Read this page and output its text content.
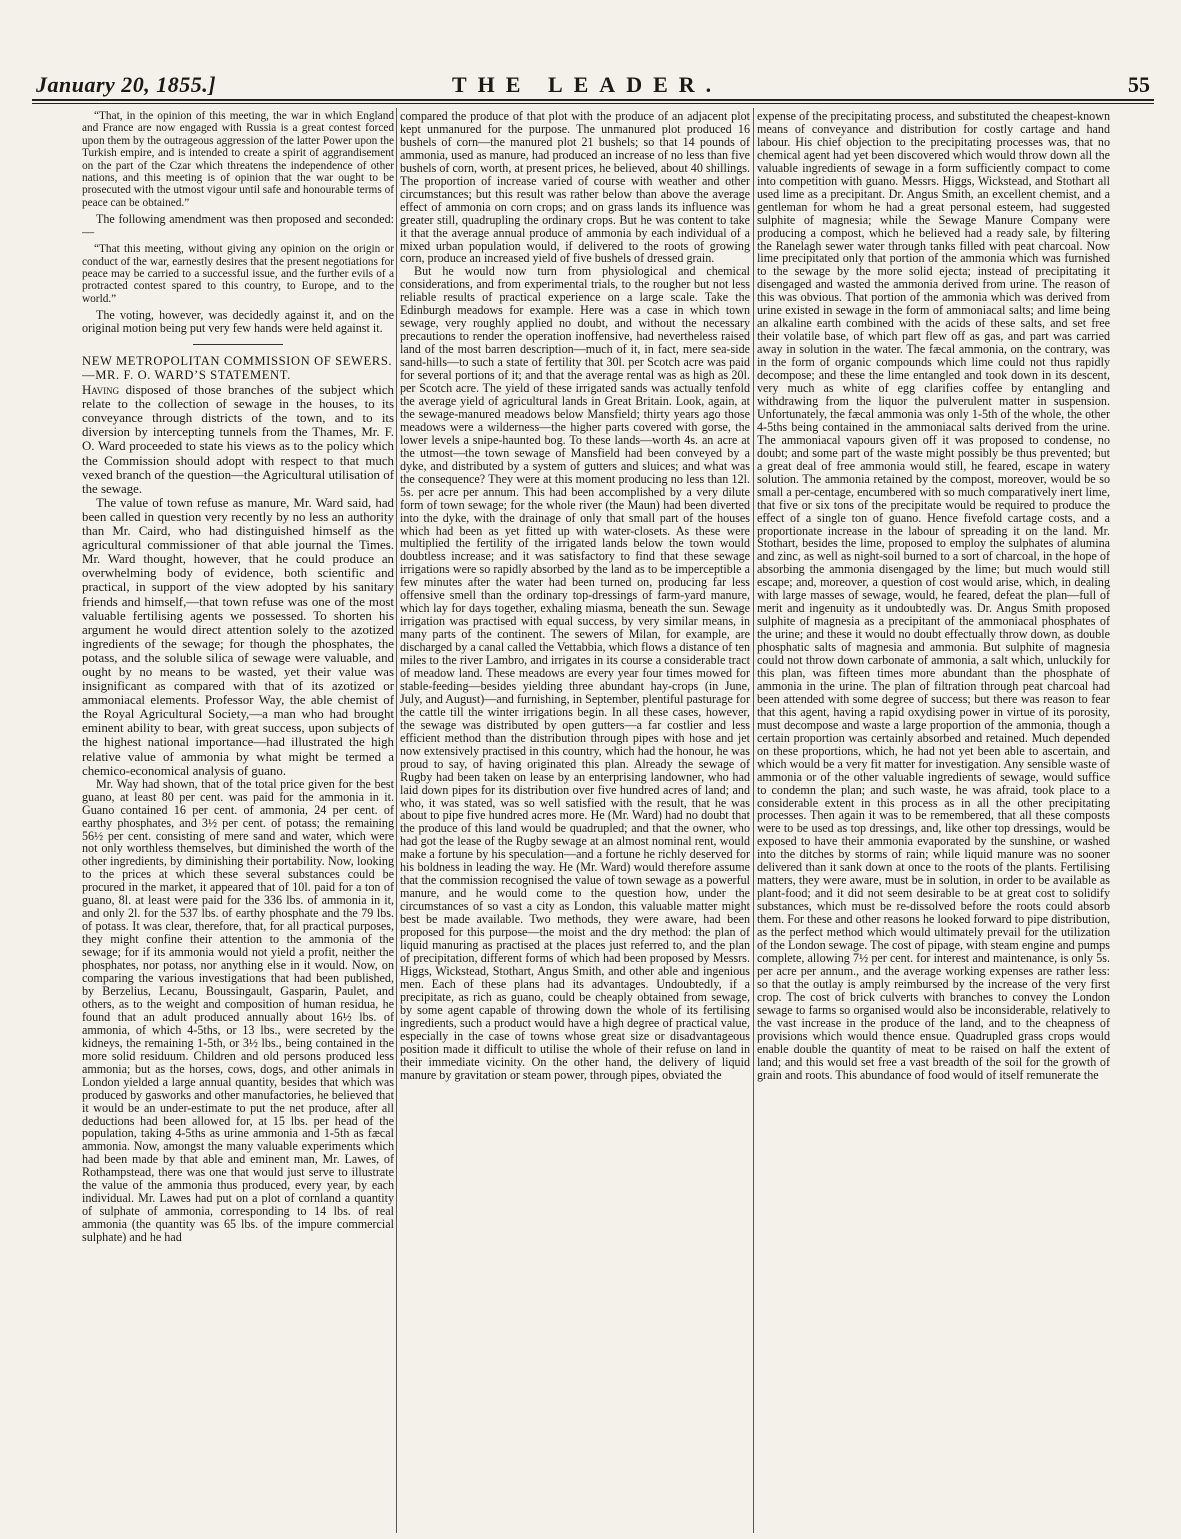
January 20, 1855.]	THE LEADER.	55

“That, in the opinion of this meeting, the war in which England and France are now engaged with Russia is a great contest forced upon them by the outrageous aggression of the latter Power upon the Turkish empire, and is intended to create a spirit of aggrandisement on the part of the Czar which threatens the independence of other nations, and this meeting is of opinion that the war ought to be prosecuted with the utmost vigour until safe and honourable terms of peace can be obtained.”

The following amendment was then proposed and seconded:—

“That this meeting, without giving any opinion on the origin or conduct of the war, earnestly desires that the present negotiations for peace may be carried to a successful issue, and the further evils of a protracted contest spared to this country, to Europe, and to the world.”

The voting, however, was decidedly against it, and on the original motion being put very few hands were held against it.

NEW METROPOLITAN COMMISSION OF SEWERS.—MR. F. O. WARD’S STATEMENT.

Having disposed of those branches of the subject which relate to the collection of sewage in the houses, to its conveyance through districts of the town, and to its diversion by intercepting tunnels from the Thames, Mr. F. O. Ward proceeded to state his views as to the policy which the Commission should adopt with respect to that much vexed branch of the question—the Agricultural utilisation of the sewage.

The value of town refuse as manure, Mr. Ward said, had been called in question very recently by no less an authority than Mr. Caird, who had distinguished himself as the agricultural commissioner of that able journal the Times. Mr. Ward thought, however, that he could produce an overwhelming body of evidence, both scientific and practical, in support of the view adopted by his sanitary friends and himself,—that town refuse was one of the most valuable fertilising agents we possessed. To shorten his argument he would direct attention solely to the azotized ingredients of the sewage; for though the phosphates, the potass, and the soluble silica of sewage were valuable, and ought by no means to be wasted, yet their value was insignificant as compared with that of its azotized or ammoniacal elements. Professor Way, the able chemist of the Royal Agricultural Society,—a man who had brought eminent ability to bear, with great success, upon subjects of the highest national importance—had illustrated the high relative value of ammonia by what might be termed a chemico-economical analysis of guano.

Mr. Way had shown, that of the total price given for the best guano, at least 80 per cent. was paid for the ammonia in it. Guano contained 16 per cent. of ammonia, 24 per cent. of earthy phosphates, and 3½ per cent. of potass; the remaining 56½ per cent. consisting of mere sand and water, which were not only worthless themselves, but diminished the worth of the other ingredients, by diminishing their portability. Now, looking to the prices at which these several substances could be procured in the market, it appeared that of 10l. paid for a ton of guano, 8l. at least were paid for the 336 lbs. of ammonia in it, and only 2l. for the 537 lbs. of earthy phosphate and the 79 lbs. of potass. It was clear, therefore, that, for all practical purposes, they might confine their attention to the ammonia of the sewage; for if its ammonia would not yield a profit, neither the phosphates, nor potass, nor anything else in it would. Now, on comparing the various investigations that had been published, by Berzelius, Lecanu, Boussingault, Gasparin, Paulet, and others, as to the weight and composition of human residua, he found that an adult produced annually about 16½ lbs. of ammonia, of which 4-5ths, or 13 lbs., were secreted by the kidneys, the remaining 1-5th, or 3½ lbs., being contained in the more solid residuum. Children and old persons produced less ammonia; but as the horses, cows, dogs, and other animals in London yielded a large annual quantity, besides that which was produced by gasworks and other manufactories, he believed that it would be an under-estimate to put the net produce, after all deductions had been allowed for, at 15 lbs. per head of the population, taking 4-5ths as urine ammonia and 1-5th as fæcal ammonia. Now, amongst the many valuable experiments which had been made by that able and eminent man, Mr. Lawes, of Rothampstead, there was one that would just serve to illustrate the value of the ammonia thus produced, every year, by each individual. Mr. Lawes had put on a plot of cornland a quantity of sulphate of ammonia, corresponding to 14 lbs. of real ammonia (the quantity was 65 lbs. of the impure commercial sulphate) and he had

compared the produce of that plot with the produce of an adjacent plot kept unmanured for the purpose. The unmanured plot produced 16 bushels of corn—the manured plot 21 bushels; so that 14 pounds of ammonia, used as manure, had produced an increase of no less than five bushels of corn, worth, at present prices, he believed, about 40 shillings. The proportion of increase varied of course with weather and other circumstances; but this result was rather below than above the average effect of ammonia on corn crops; and on grass lands its influence was greater still, quadrupling the ordinary crops. But he was content to take it that the average annual produce of ammonia by each individual of a mixed urban population would, if delivered to the roots of growing corn, produce an increased yield of five bushels of dressed grain.

But he would now turn from physiological and chemical considerations, and from experimental trials, to the rougher but not less reliable results of practical experience on a large scale. Take the Edinburgh meadows for example. Here was a case in which town sewage, very roughly applied no doubt, and without the necessary precautions to render the operation inoffensive, had nevertheless raised land of the most barren description—much of it, in fact, mere sea-side sand-hills—to such a state of fertility that 30l. per Scotch acre was paid for several portions of it; and that the average rental was as high as 20l. per Scotch acre. The yield of these irrigated sands was actually tenfold the average yield of agricultural lands in Great Britain. Look, again, at the sewage-manured meadows below Mansfield; thirty years ago those meadows were a wilderness—the higher parts covered with gorse, the lower levels a snipe-haunted bog. To these lands—worth 4s. an acre at the utmost—the town sewage of Mansfield had been conveyed by a dyke, and distributed by a system of gutters and sluices; and what was the consequence? They were at this moment producing no less than 12l. 5s. per acre per annum. This had been accomplished by a very dilute form of town sewage; for the whole river (the Maun) had been diverted into the dyke, with the drainage of only that small part of the houses which had been as yet fitted up with water-closets. As these were multiplied the fertility of the irrigated lands below the town would doubtless increase; and it was satisfactory to find that these sewage irrigations were so rapidly absorbed by the land as to be imperceptible a few minutes after the water had been turned on, producing far less offensive smell than the ordinary top-dressings of farm-yard manure, which lay for days together, exhaling miasma, beneath the sun. Sewage irrigation was practised with equal success, by very similar means, in many parts of the continent. The sewers of Milan, for example, are discharged by a canal called the Vettabbia, which flows a distance of ten miles to the river Lambro, and irrigates in its course a considerable tract of meadow land. These meadows are every year four times mowed for stable-feeding—besides yielding three abundant hay-crops (in June, July, and August)—and furnishing, in September, plentiful pasturage for the cattle till the winter irrigations begin. In all these cases, however, the sewage was distributed by open gutters—a far costlier and less efficient method than the distribution through pipes with hose and jet now extensively practised in this country, which had the honour, he was proud to say, of having originated this plan. Already the sewage of Rugby had been taken on lease by an enterprising landowner, who had laid down pipes for its distribution over five hundred acres of land; and who, it was stated, was so well satisfied with the result, that he was about to pipe five hundred acres more. He (Mr. Ward) had no doubt that the produce of this land would be quadrupled; and that the owner, who had got the lease of the Rugby sewage at an almost nominal rent, would make a fortune by his speculation—and a fortune he richly deserved for his boldness in leading the way. He (Mr. Ward) would therefore assume that the commission recognised the value of town sewage as a powerful manure, and he would come to the question how, under the circumstances of so vast a city as London, this valuable matter might best be made available. Two methods, they were aware, had been proposed for this purpose—the moist and the dry method: the plan of liquid manuring as practised at the places just referred to, and the plan of precipitation, different forms of which had been proposed by Messrs. Higgs, Wickstead, Stothart, Angus Smith, and other able and ingenious men. Each of these plans had its advantages. Undoubtedly, if a precipitate, as rich as guano, could be cheaply obtained from sewage, by some agent capable of throwing down the whole of its fertilising ingredients, such a product would have a high degree of practical value, especially in the case of towns whose great size or disadvantageous position made it difficult to utilise the whole of their refuse on land in their immediate vicinity. On the other hand, the delivery of liquid manure by gravitation or steam power, through pipes, obviated the

expense of the precipitating process, and substituted the cheapest-known means of conveyance and distribution for costly cartage and hand labour. His chief objection to the precipitating processes was, that no chemical agent had yet been discovered which would throw down all the valuable ingredients of sewage in a form sufficiently compact to come into competition with guano. Messrs. Higgs, Wickstead, and Stothart all used lime as a precipitant. Dr. Angus Smith, an excellent chemist, and a gentleman for whom he had a great personal esteem, had suggested sulphite of magnesia; while the Sewage Manure Company were producing a compost, which he believed had a ready sale, by filtering the Ranelagh sewer water through tanks filled with peat charcoal. Now lime precipitated only that portion of the ammonia which was furnished to the sewage by the more solid ejecta; instead of precipitating it disengaged and wasted the ammonia derived from urine. The reason of this was obvious. That portion of the ammonia which was derived from urine existed in sewage in the form of ammoniacal salts; and lime being an alkaline earth combined with the acids of these salts, and set free their volatile base, of which part flew off as gas, and part was carried away in solution in the water. The fæcal ammonia, on the contrary, was in the form of organic compounds which lime could not thus rapidly decompose; and these the lime entangled and took down in its descent, very much as white of egg clarifies coffee by entangling and withdrawing from the liquor the pulverulent matter in suspension. Unfortunately, the fæcal ammonia was only 1-5th of the whole, the other 4-5ths being contained in the ammoniacal salts derived from the urine. The ammoniacal vapours given off it was proposed to condense, no doubt; and some part of the waste might possibly be thus prevented; but a great deal of free ammonia would still, he feared, escape in watery solution. The ammonia retained by the compost, moreover, would be so small a per-centage, encumbered with so much comparatively inert lime, that five or six tons of the precipitate would be required to produce the effect of a single ton of guano. Hence fivefold cartage costs, and a proportionate increase in the labour of spreading it on the land. Mr. Stothart, besides the lime, proposed to employ the sulphates of alumina and zinc, as well as night-soil burned to a sort of charcoal, in the hope of absorbing the ammonia disengaged by the lime; but much would still escape; and, moreover, a question of cost would arise, which, in dealing with large masses of sewage, would, he feared, defeat the plan—full of merit and ingenuity as it undoubtedly was. Dr. Angus Smith proposed sulphite of magnesia as a precipitant of the ammoniacal phosphates of the urine; and these it would no doubt effectually throw down, as double phosphatic salts of magnesia and ammonia. But sulphite of magnesia could not throw down carbonate of ammonia, a salt which, unluckily for this plan, was fifteen times more abundant than the phosphate of ammonia in the urine. The plan of filtration through peat charcoal had been attended with some degree of success; but there was reason to fear that this agent, having a rapid oxydising power in virtue of its porosity, must decompose and waste a large proportion of the ammonia, though a certain proportion was certainly absorbed and retained. Much depended on these proportions, which, he had not yet been able to ascertain, and which would be a very fit matter for investigation. Any sensible waste of ammonia or of the other valuable ingredients of sewage, would suffice to condemn the plan; and such waste, he was afraid, took place to a considerable extent in this process as in all the other precipitating processes. Then again it was to be remembered, that all these composts were to be used as top dressings, and, like other top dressings, would be exposed to have their ammonia evaporated by the sunshine, or washed into the ditches by storms of rain; while liquid manure was no sooner delivered than it sank down at once to the roots of the plants. Fertilising matters, they were aware, must be in solution, in order to be available as plant-food; and it did not seem desirable to be at great cost to solidify substances, which must be re-dissolved before the roots could absorb them. For these and other reasons he looked forward to pipe distribution, as the perfect method which would ultimately prevail for the utilization of the London sewage. The cost of pipage, with steam engine and pumps complete, allowing 7½ per cent. for interest and maintenance, is only 5s. per acre per annum., and the average working expenses are rather less: so that the outlay is amply reimbursed by the increase of the very first crop. The cost of brick culverts with branches to convey the London sewage to farms so organised would also be inconsiderable, relatively to the vast increase in the produce of the land, and to the cheapness of provisions which would thence ensue. Quadrupled grass crops would enable double the quantity of meat to be raised on half the extent of land; and this would set free a vast breadth of the soil for the growth of grain and roots. This abundance of food would of itself remunerate the
